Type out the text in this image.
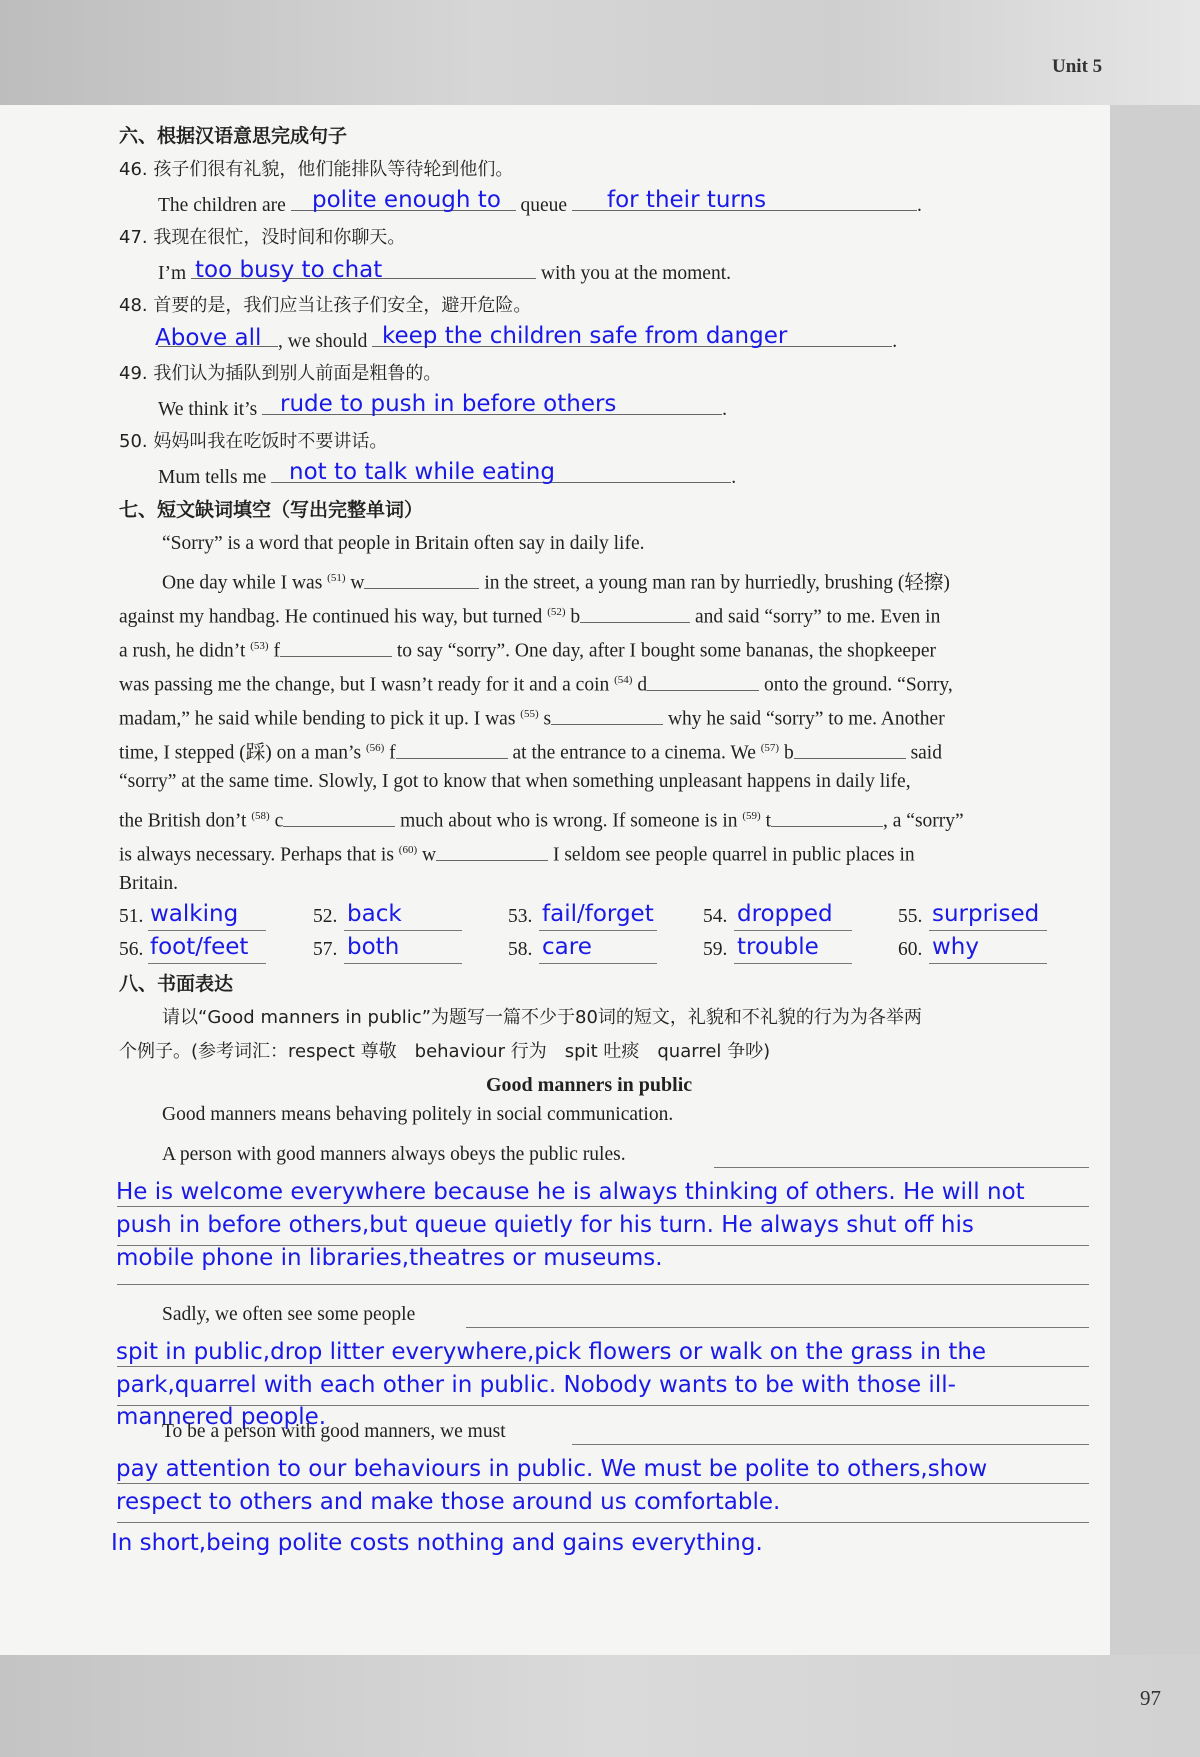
Unit 5
97
六、根据汉语意思完成句子
46. 孩子们很有礼貌，他们能排队等待轮到他们。
The children are	queue	.
polite enough to	for their turns
47. 我现在很忙，没时间和你聊天。
I’m	with you at the moment.
too busy to chat
48. 首要的是，我们应当让孩子们安全，避开危险。
, we should	.
Above all	keep the children safe from danger
49. 我们认为插队到别人前面是粗鲁的。
We think it’s	.
rude to push in before others
50. 妈妈叫我在吃饭时不要讲话。
Mum tells me	.
not to talk while eating
七、短文缺词填空（写出完整单词）
“Sorry” is a word that people in Britain often say in daily life.
One day while I was $^{(51)}$ w	in the street, a young man ran by hurriedly, brushing (轻擦)
against my handbag. He continued his way, but turned $^{(52)}$ b	and said “sorry” to me. Even in
a rush, he didn’t $^{(53)}$ f	to say “sorry”. One day, after I bought some bananas, the shopkeeper
was passing me the change, but I wasn’t ready for it and a coin $^{(54)}$ d	onto the ground. “Sorry,
madam,” he said while bending to pick it up. I was $^{(55)}$ s	why he said “sorry” to me. Another
time, I stepped (踩) on a man’s $^{(56)}$ f	at the entrance to a cinema. We $^{(57)}$ b	said
“sorry” at the same time. Slowly, I got to know that when something unpleasant happens in daily life,
the British don’t $^{(58)}$ c	much about who is wrong. If someone is in $^{(59)}$ t	, a “sorry”
is always necessary. Perhaps that is $^{(60)}$ w	I seldom see people quarrel in public places in
Britain.
51. walking	52. back	53. fail/forget	54. dropped	55. surprised
56. foot/feet	57. both	58. care	59. trouble	60. why
八、书面表达
请以“Good manners in public”为题写一篇不少于80词的短文，礼貌和不礼貌的行为为各举两
个例子。(参考词汇：respect 尊敬　behaviour 行为　spit 吐痰　quarrel 争吵)
Good manners in public
Good manners means behaving politely in social communication.
A person with good manners always obeys the public rules.
He is welcome everywhere because he is always thinking of others. He will not
push in before others,but queue quietly for his turn. He always shut off his
mobile phone in libraries,theatres or museums.
Sadly, we often see some people
spit in public,drop litter everywhere,pick flowers or walk on the grass in the
park,quarrel with each other in public. Nobody wants to be with those ill-
mannered people.
To be a person with good manners, we must
pay attention to our behaviours in public. We must be polite to others,show
respect to others and make those around us comfortable.
In short,being polite costs nothing and gains everything.
